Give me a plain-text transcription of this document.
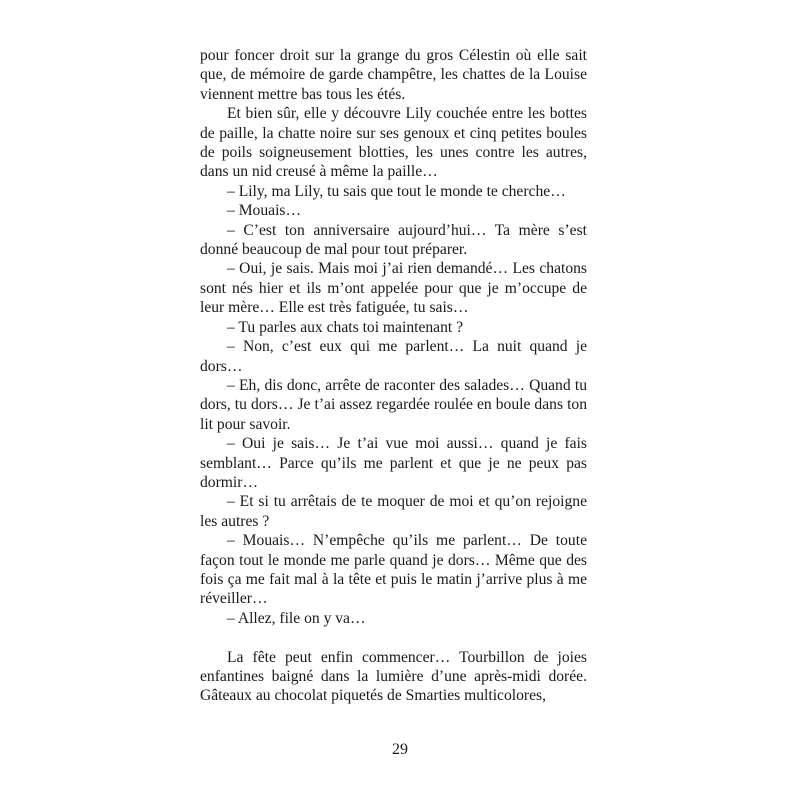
pour foncer droit sur la grange du gros Célestin où elle sait que, de mémoire de garde champêtre, les chattes de la Louise viennent mettre bas tous les étés.

Et bien sûr, elle y découvre Lily couchée entre les bottes de paille, la chatte noire sur ses genoux et cinq petites boules de poils soigneusement blotties, les unes contre les autres, dans un nid creusé à même la paille…

– Lily, ma Lily, tu sais que tout le monde te cherche…

– Mouais…

– C’est ton anniversaire aujourd’hui… Ta mère s’est donné beaucoup de mal pour tout préparer.

– Oui, je sais. Mais moi j’ai rien demandé… Les chatons sont nés hier et ils m’ont appelée pour que je m’occupe de leur mère… Elle est très fatiguée, tu sais…

– Tu parles aux chats toi maintenant ?

– Non, c’est eux qui me parlent… La nuit quand je dors…

– Eh, dis donc, arrête de raconter des salades… Quand tu dors, tu dors… Je t’ai assez regardée roulée en boule dans ton lit pour savoir.

– Oui je sais… Je t’ai vue moi aussi… quand je fais semblant… Parce qu’ils me parlent et que je ne peux pas dormir…

– Et si tu arrêtais de te moquer de moi et qu’on rejoigne les autres ?

– Mouais… N’empêche qu’ils me parlent… De toute façon tout le monde me parle quand je dors… Même que des fois ça me fait mal à la tête et puis le matin j’arrive plus à me réveiller…

– Allez, file on y va…

La fête peut enfin commencer… Tourbillon de joies enfantines baigné dans la lumière d’une après-midi dorée. Gâteaux au chocolat piquetés de Smarties multicolores,

29
